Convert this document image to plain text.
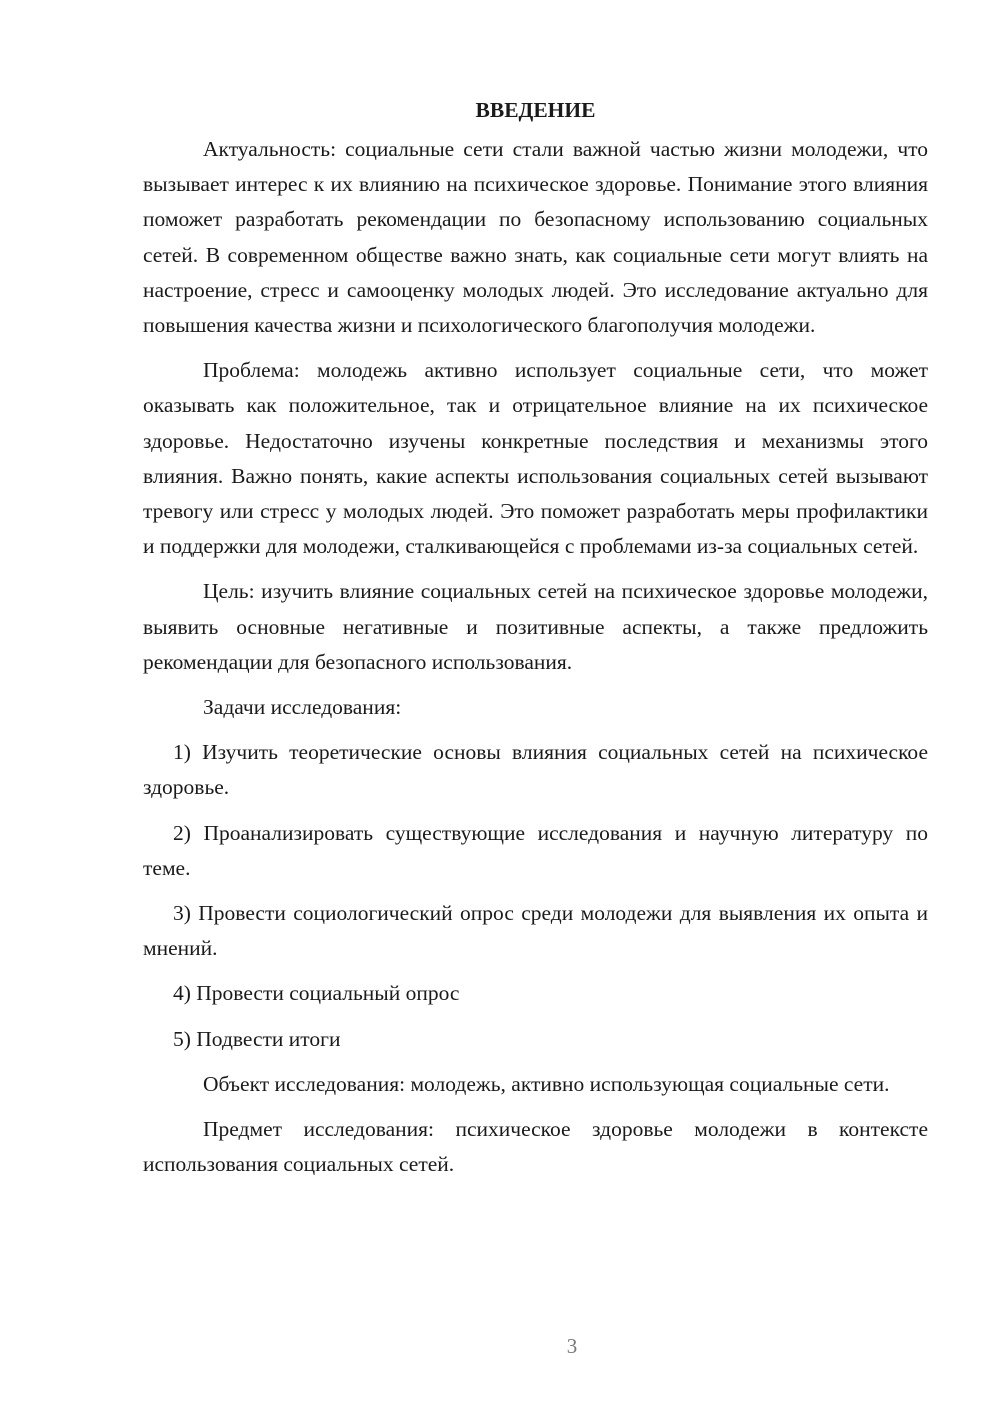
ВВЕДЕНИЕ

Актуальность: социальные сети стали важной частью жизни молодежи, что вызывает интерес к их влиянию на психическое здоровье. Понимание этого влияния поможет разработать рекомендации по безопасному использованию социальных сетей. В современном обществе важно знать, как социальные сети могут влиять на настроение, стресс и самооценку молодых людей. Это исследование актуально для повышения качества жизни и психологического благополучия молодежи.

Проблема: молодежь активно использует социальные сети, что может оказывать как положительное, так и отрицательное влияние на их психическое здоровье. Недостаточно изучены конкретные последствия и механизмы этого влияния. Важно понять, какие аспекты использования социальных сетей вызывают тревогу или стресс у молодых людей. Это поможет разработать меры профилактики и поддержки для молодежи, сталкивающейся с проблемами из-за социальных сетей.

Цель: изучить влияние социальных сетей на психическое здоровье молодежи, выявить основные негативные и позитивные аспекты, а также предложить рекомендации для безопасного использования.

Задачи исследования:

1) Изучить теоретические основы влияния социальных сетей на психическое здоровье.

2) Проанализировать существующие исследования и научную литературу по теме.

3) Провести социологический опрос среди молодежи для выявления их опыта и мнений.

4) Провести социальный опрос

5) Подвести итоги

Объект исследования: молодежь, активно использующая социальные сети.

Предмет исследования: психическое здоровье молодежи в контексте использования социальных сетей.

3
